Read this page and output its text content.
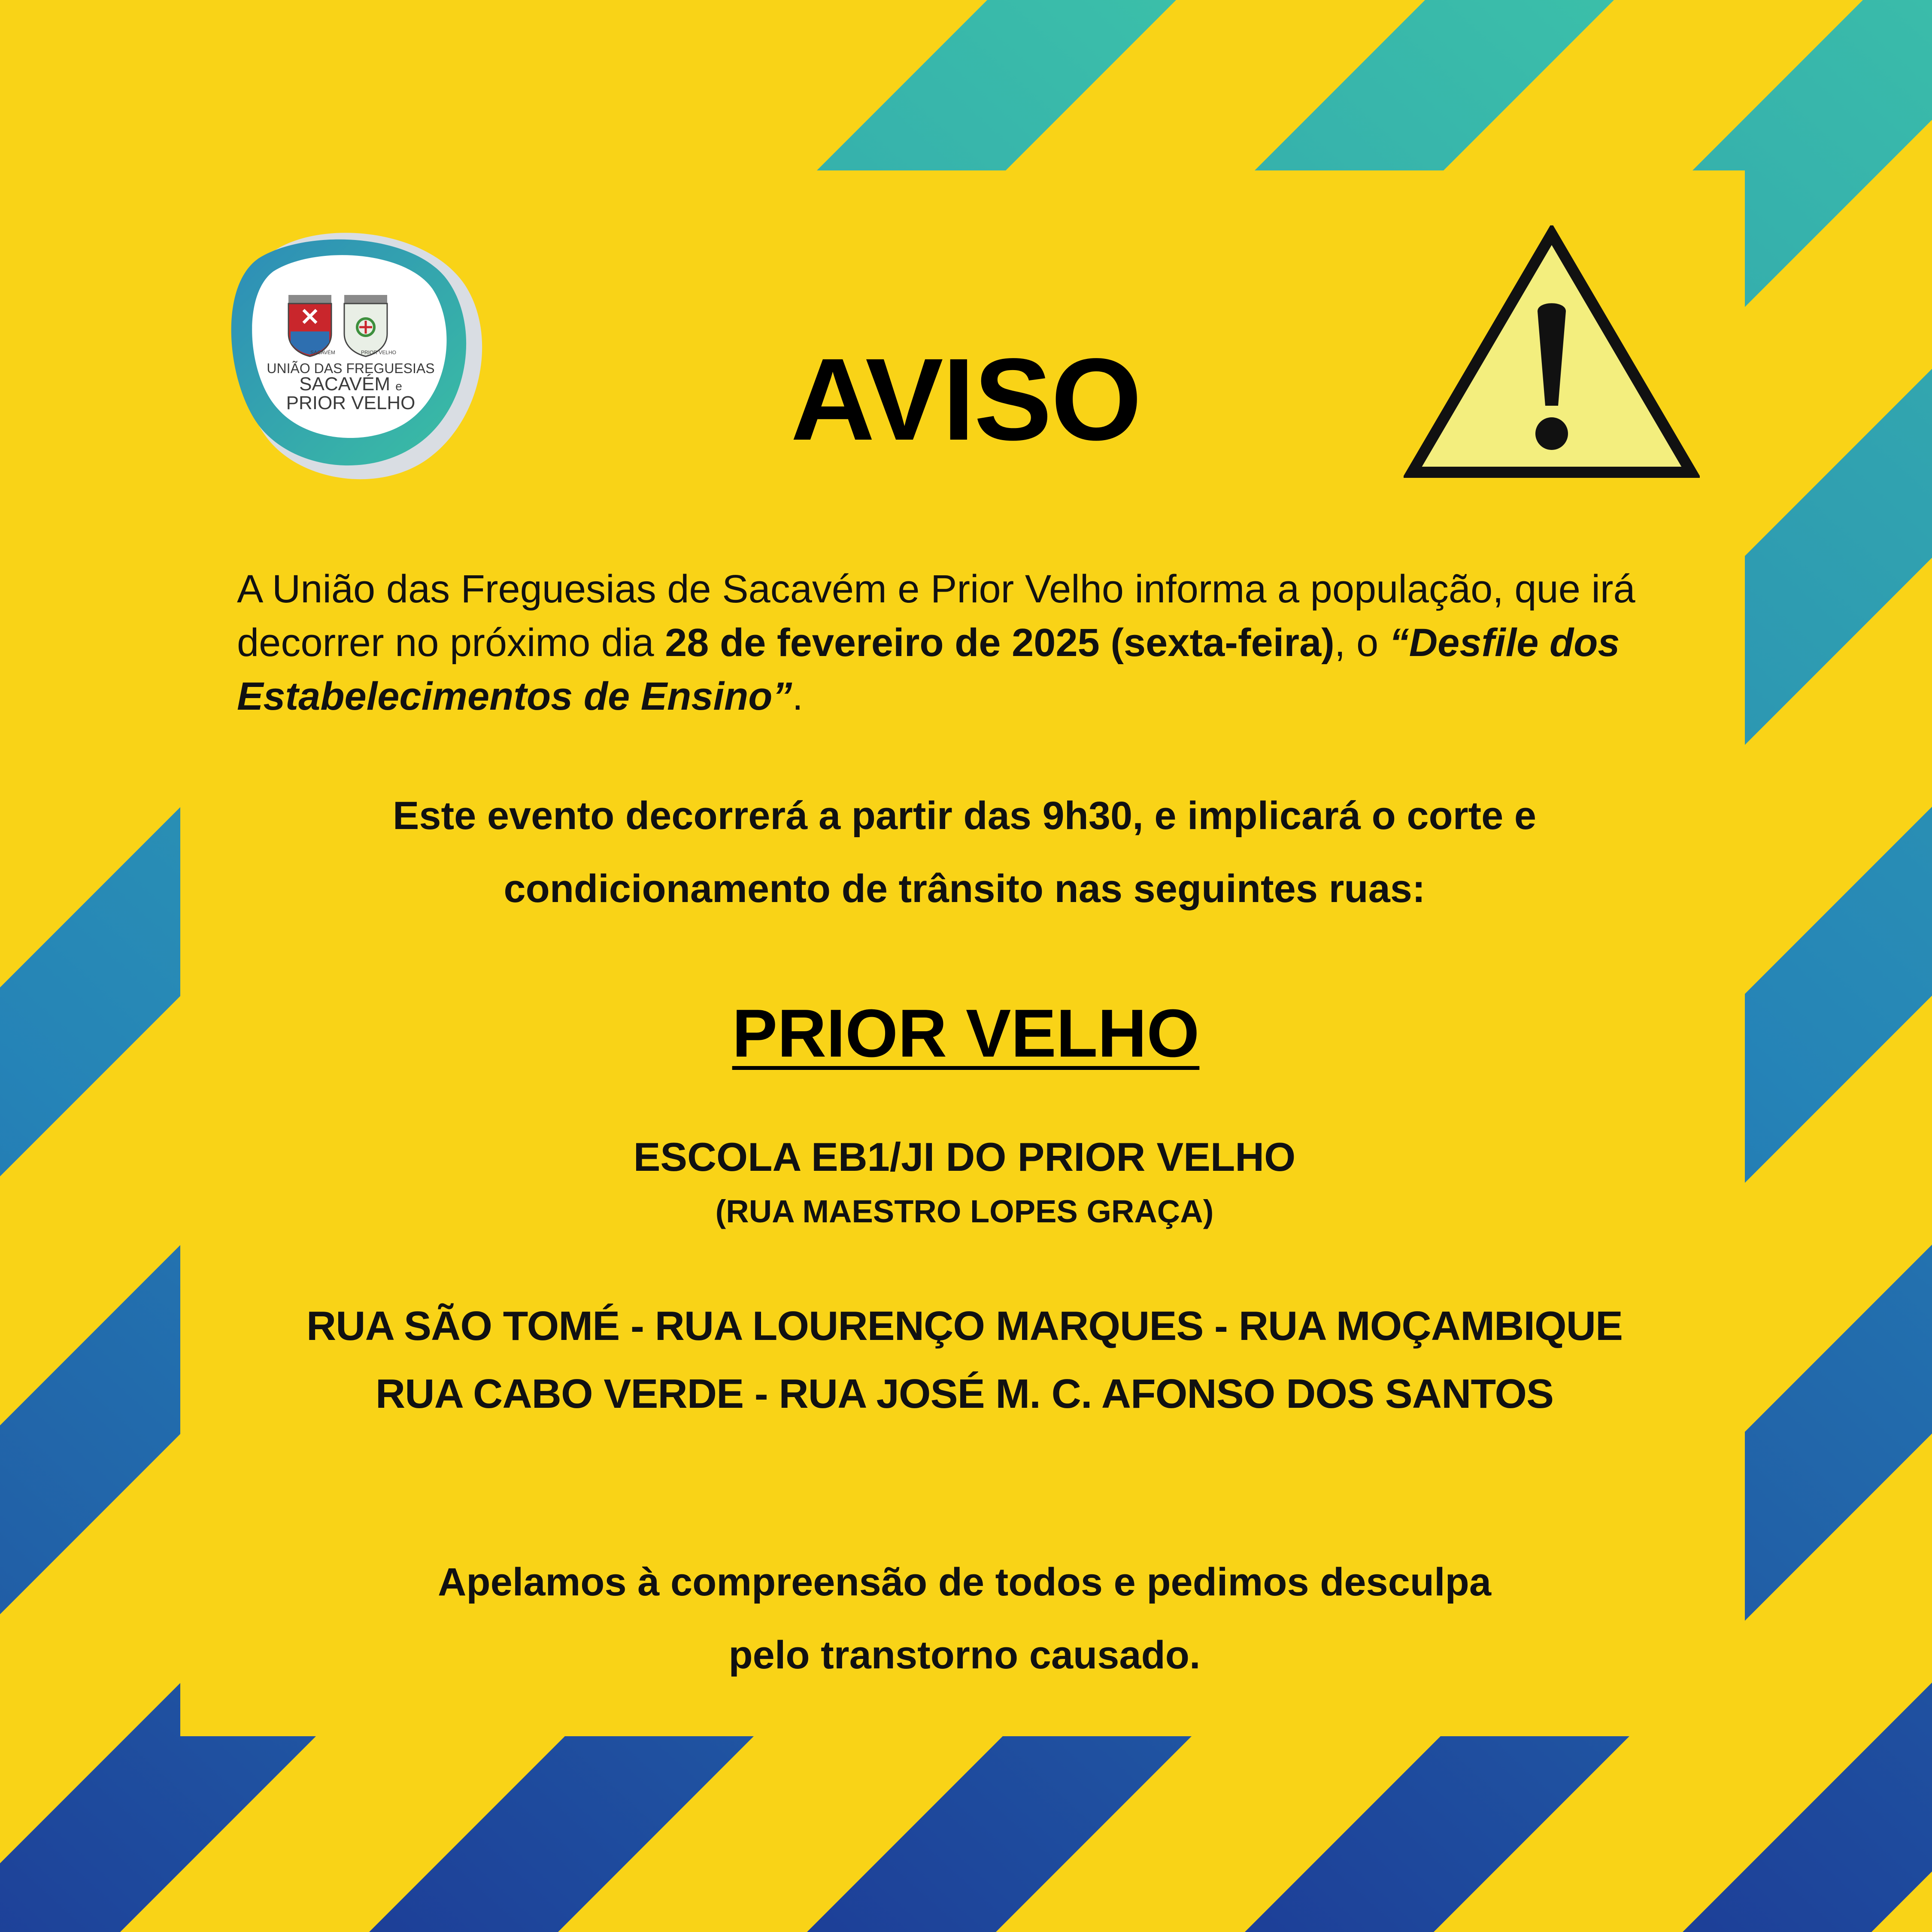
UNIÃO DAS FREGUESIAS
SACAVÉM e
PRIOR VELHO
SACAVÉM	PRIOR VELHO	AVISO
A União das Freguesias de Sacavém e Prior Velho informa a população, que irá decorrer no próximo dia 28 de fevereiro de 2025 (sexta-feira), o “Desfile dos Estabelecimentos de Ensino”.
Este evento decorrerá a partir das 9h30, e implicará o corte e
condicionamento de trânsito nas seguintes ruas:
PRIOR VELHO
ESCOLA EB1/JI DO PRIOR VELHO
(RUA MAESTRO LOPES GRAÇA)
RUA SÃO TOMÉ - RUA LOURENÇO MARQUES - RUA MOÇAMBIQUE
RUA CABO VERDE - RUA JOSÉ M. C. AFONSO DOS SANTOS
Apelamos à compreensão de todos e pedimos desculpa
pelo transtorno causado.
